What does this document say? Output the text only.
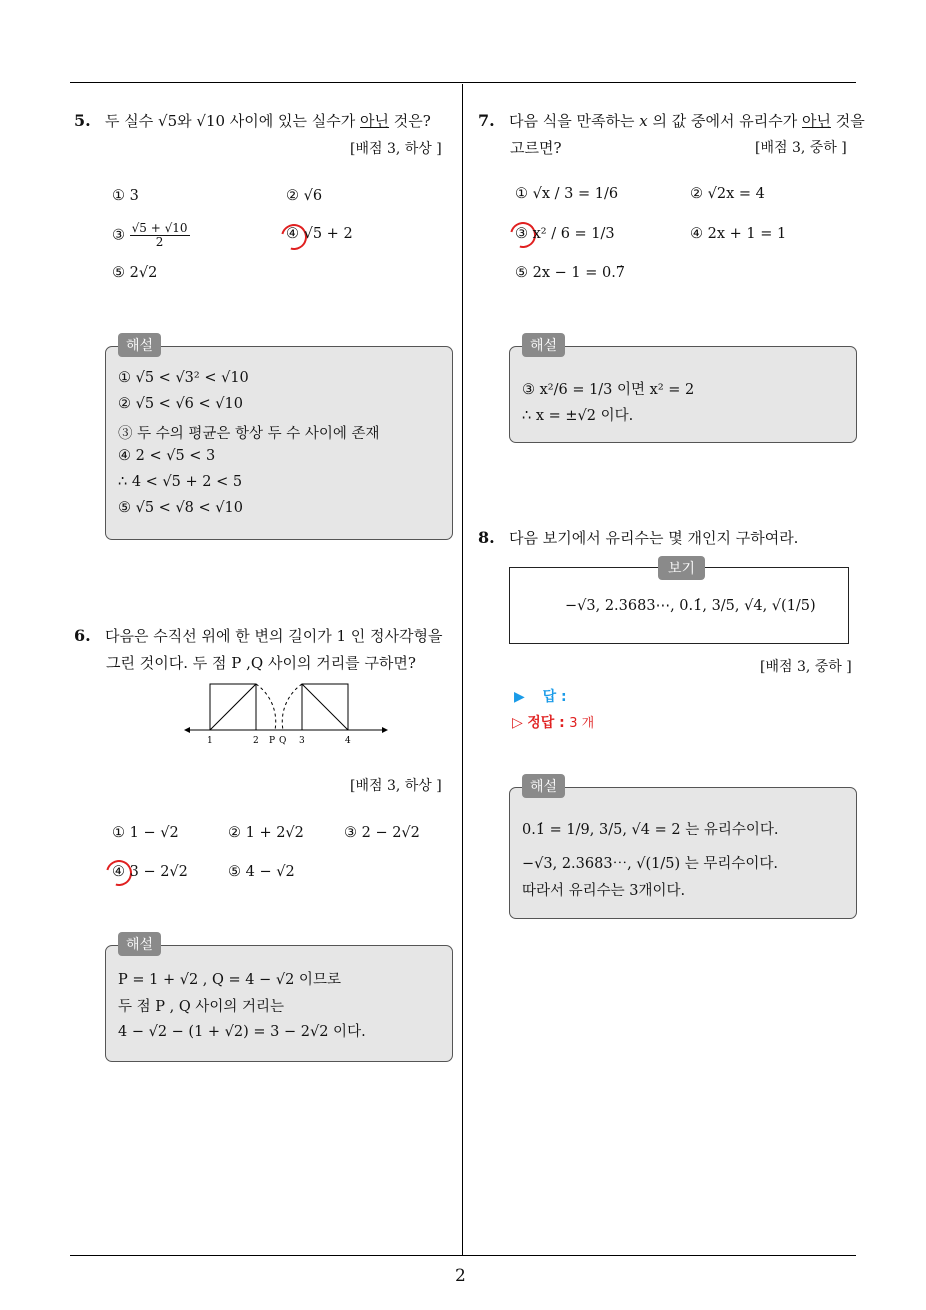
2
5. 두 실수 √5와 √10 사이에 있는 실수가 아닌 것은?
[배점 3, 하상 ]
① 3	② √6
③ $\frac{√5 + √10}{2}$	④ √5 + 2
⑤ 2√2
해설
① √5 < √3² < √10
② √5 < √6 < √10
③ 두 수의 평균은 항상 두 수 사이에 존재
④ 2 < √5 < 3
∴ 4 < √5 + 2 < 5
⑤ √5 < √8 < √10
6. 다음은 수직선 위에 한 변의 길이가 1 인 정사각형을
그린 것이다. 두 점 P ,Q 사이의 거리를 구하면?
1	2 P Q 3	4
[배점 3, 하상 ]
① 1 − √2	② 1 + 2√2	③ 2 − 2√2
④ 3 − 2√2	⑤ 4 − √2
해설
P = 1 + √2 , Q = 4 − √2 이므로
두 점 P , Q 사이의 거리는
4 − √2 − (1 + √2) = 3 − 2√2 이다.
7. 다음 식을 만족하는 x 의 값 중에서 유리수가 아닌 것을
고르면?	[배점 3, 중하 ]
① √x / 3 = 1/6	② √2x = 4
③ x² / 6 = 1/3	④ 2x + 1 = 1
⑤ 2x − 1 = 0.7̇
해설
③ x²/6 = 1/3 이면 x² = 2
∴ x = ±√2 이다.
8. 다음 보기에서 유리수는 몇 개인지 구하여라.
보기
−√3, 2.3683⋯, 0.1̇, 3/5, √4, √(1/5)
[배점 3, 중하 ]
▶ 답 :
▷ 정답 : 3 개
해설
0.1̇ = 1/9, 3/5, √4 = 2 는 유리수이다.
−√3, 2.3683⋯, √(1/5) 는 무리수이다.
따라서 유리수는 3개이다.
